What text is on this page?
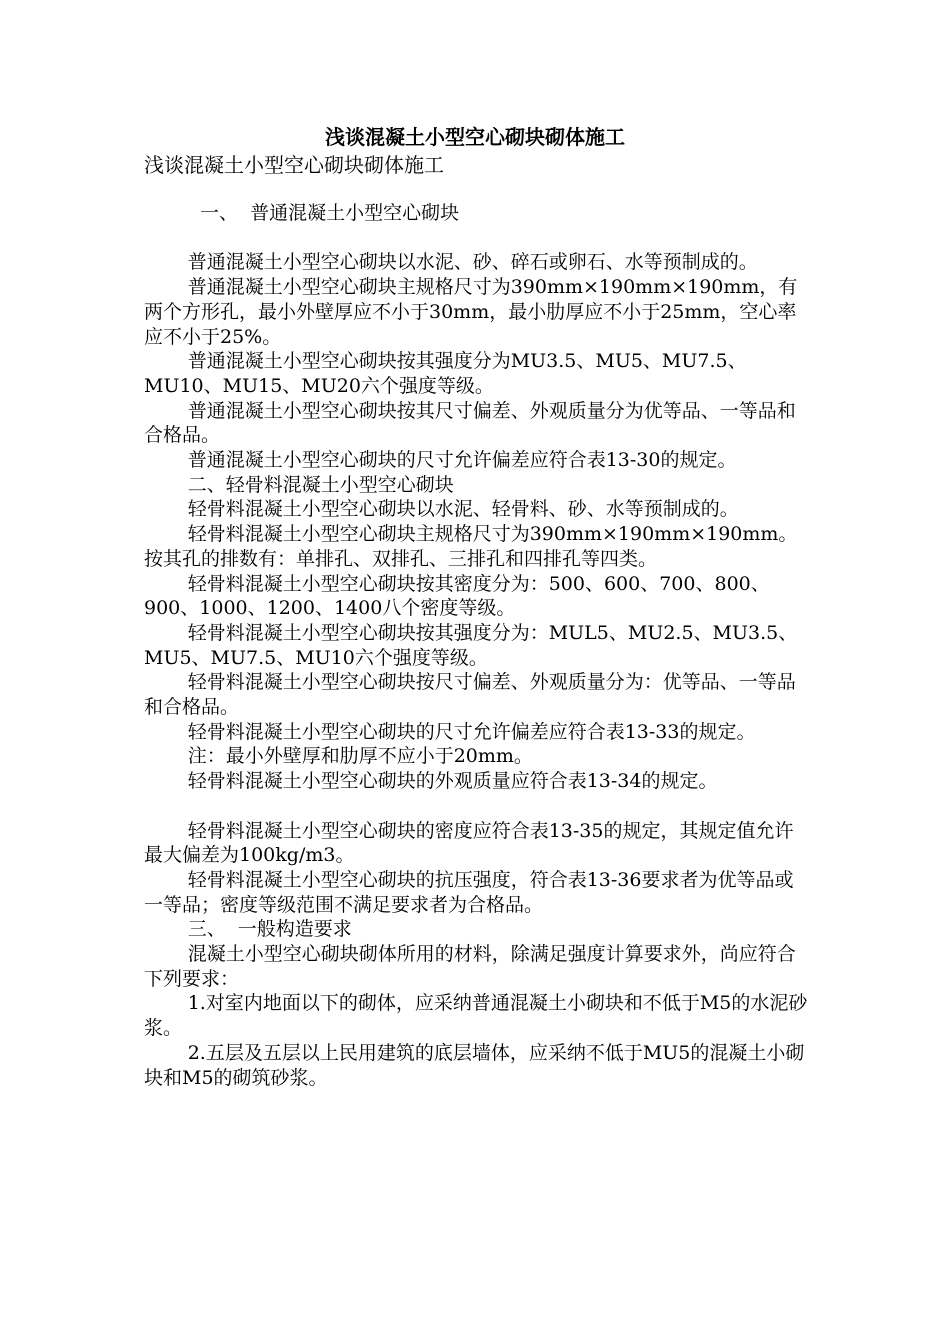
浅谈混凝土小型空心砌块砌体施工

浅谈混凝土小型空心砌块砌体施工

一、  普通混凝土小型空心砌块

普通混凝土小型空心砌块以水泥、砂、碎石或卵石、水等预制成的。

普通混凝土小型空心砌块主规格尺寸为390mm×190mm×190mm，有两个方形孔，最小外壁厚应不小于30mm，最小肋厚应不小于25mm，空心率应不小于25%。

普通混凝土小型空心砌块按其强度分为MU3.5、MU5、MU7.5、MU10、MU15、MU20六个强度等级。

普通混凝土小型空心砌块按其尺寸偏差、外观质量分为优等品、一等品和合格品。

普通混凝土小型空心砌块的尺寸允许偏差应符合表13-30的规定。

二、轻骨料混凝土小型空心砌块

轻骨料混凝土小型空心砌块以水泥、轻骨料、砂、水等预制成的。

轻骨料混凝土小型空心砌块主规格尺寸为390mm×190mm×190mm。按其孔的排数有：单排孔、双排孔、三排孔和四排孔等四类。

轻骨料混凝土小型空心砌块按其密度分为：500、600、700、800、900、1000、1200、1400八个密度等级。

轻骨料混凝土小型空心砌块按其强度分为：MUL5、MU2.5、MU3.5、MU5、MU7.5、MU10六个强度等级。

轻骨料混凝土小型空心砌块按尺寸偏差、外观质量分为：优等品、一等品和合格品。

轻骨料混凝土小型空心砌块的尺寸允许偏差应符合表13-33的规定。

注：最小外壁厚和肋厚不应小于20mm。

轻骨料混凝土小型空心砌块的外观质量应符合表13-34的规定。

轻骨料混凝土小型空心砌块的密度应符合表13-35的规定，其规定值允许最大偏差为100kg/m3。

轻骨料混凝土小型空心砌块的抗压强度，符合表13-36要求者为优等品或一等品；密度等级范围不满足要求者为合格品。

三、  一般构造要求

混凝土小型空心砌块砌体所用的材料，除满足强度计算要求外，尚应符合下列要求：

1.对室内地面以下的砌体，应采纳普通混凝土小砌块和不低于M5的水泥砂浆。

2.五层及五层以上民用建筑的底层墙体，应采纳不低于MU5的混凝土小砌块和M5的砌筑砂浆。
